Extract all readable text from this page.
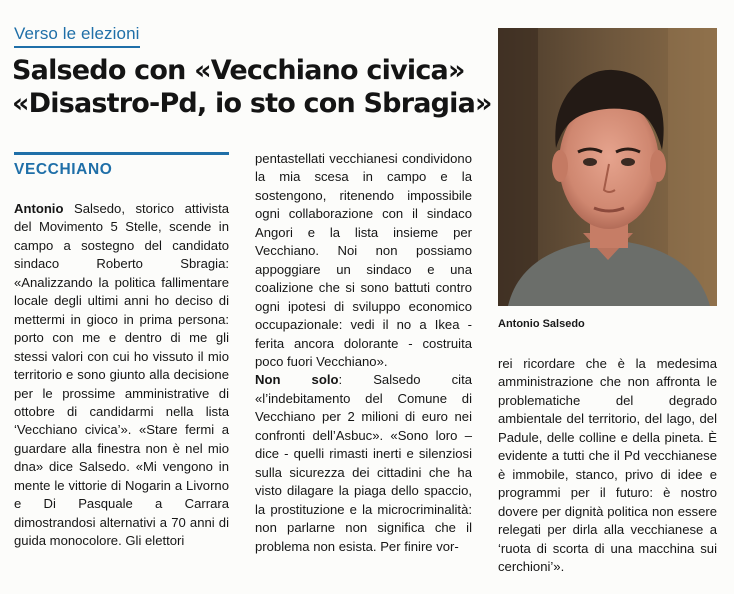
Verso le elezioni
Salsedo con «Vecchiano civica»
«Disastro-Pd, io sto con Sbragia»
VECCHIANO

Antonio Salsedo, storico attivista del Movimento 5 Stelle, scende in campo a sostegno del candidato sindaco Roberto Sbragia: «Analizzando la politica fallimentare locale degli ultimi anni ho deciso di mettermi in gioco in prima persona: porto con me e dentro di me gli stessi valori con cui ho vissuto il mio territorio e sono giunto alla decisione per le prossime amministrative di ottobre di candidarmi nella lista ‘Vecchiano civica’». «Stare fermi a guardare alla finestra non è nel mio dna» dice Salsedo. «Mi vengono in mente le vittorie di Nogarin a Livorno e Di Pasquale a Carrara dimostrandosi alternativi a 70 anni di guida monocolore. Gli elettori

pentastellati vecchianesi condividono la mia scesa in campo e la sostengono, ritenendo impossibile ogni collaborazione con il sindaco Angori e la lista insieme per Vecchiano. Noi non possiamo appoggiare un sindaco e una coalizione che si sono battuti contro ogni ipotesi di sviluppo economico occupazionale: vedi il no a Ikea - ferita ancora dolorante - costruita poco fuori Vecchiano».

Non solo: Salsedo cita «l’indebitamento del Comune di Vecchiano per 2 milioni di euro nei confronti dell’Asbuc». «Sono loro – dice - quelli rimasti inerti e silenziosi sulla sicurezza dei cittadini che ha visto dilagare la piaga dello spaccio, la prostituzione e la microcriminalità: non parlarne non significa che il problema non esista. Per finire vor-

Antonio Salsedo

rei ricordare che è la medesima amministrazione che non affronta le problematiche del degrado ambientale del territorio, del lago, del Padule, delle colline e della pineta. È evidente a tutti che il Pd vecchianese è immobile, stanco, privo di idee e programmi per il futuro: è nostro dovere per dignità politica non essere relegati per dirla alla vecchianese a ‘ruota di scorta di una macchina sui cerchioni’».
